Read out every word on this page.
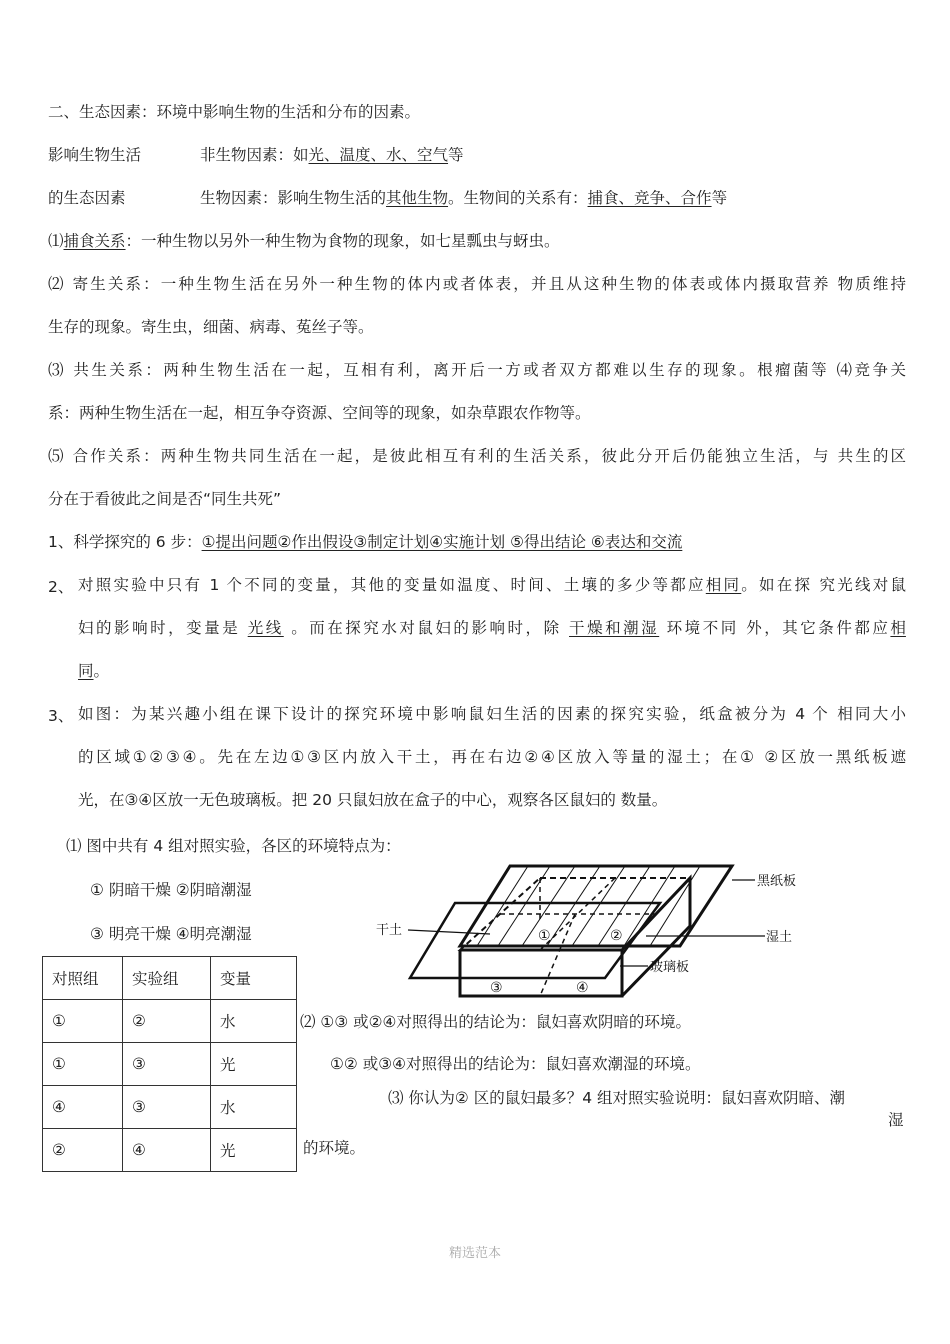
二、生态因素：环境中影响生物的生活和分布的因素。
影响生物生活	非生物因素：如光、温度、水、空气等
的生态因素	生物因素：影响生物生活的其他生物。生物间的关系有：捕食、竞争、合作等
⑴捕食关系：一种生物以另外一种生物为食物的现象，如七星瓢虫与蚜虫。
⑵ 寄生关系：一种生物生活在另外一种生物的体内或者体表，并且从这种生物的体表或体内摄取营养 物质维持
生存的现象。寄生虫，细菌、病毒、菟丝子等。
⑶ 共生关系：两种生物生活在一起，互相有利，离开后一方或者双方都难以生存的现象。根瘤菌等 ⑷竞争关
系：两种生物生活在一起，相互争夺资源、空间等的现象，如杂草跟农作物等。
⑸ 合作关系：两种生物共同生活在一起，是彼此相互有利的生活关系，彼此分开后仍能独立生活，与 共生的区
分在于看彼此之间是否“同生共死”
1、科学探究的 6 步：①提出问题②作出假设③制定计划④实施计划 ⑤得出结论 ⑥表达和交流
2、 对照实验中只有 1 个不同的变量，其他的变量如温度、时间、土壤的多少等都应相同。如在探 究光线对鼠
妇的影响时，变量是 光线 。而在探究水对鼠妇的影响时，除 干燥和潮湿 环境不同 外，其它条件都应相
同。
3、 如图：为某兴趣小组在课下设计的探究环境中影响鼠妇生活的因素的探究实验，纸盒被分为 4 个 相同大小
的区域①②③④。先在左边①③区内放入干土，再在右边②④区放入等量的湿土；在① ②区放一黑纸板遮
光，在③④区放一无色玻璃板。把 20 只鼠妇放在盒子的中心，观察各区鼠妇的 数量。
⑴ 图中共有 4 组对照实验，各区的环境特点为：
① 阴暗干燥 ②阴暗潮湿
③ 明亮干燥 ④明亮潮湿
对照组	实验组	变量
①	②	水
①	③	光
④	③	水
②	④	光
黑纸板
干土	湿土
玻璃板
①	②
③	④
⑵ ①③ 或②④对照得出的结论为：鼠妇喜欢阴暗的环境。
①② 或③④对照得出的结论为：鼠妇喜欢潮湿的环境。
⑶ 你认为② 区的鼠妇最多？4 组对照实验说明：鼠妇喜欢阴暗、潮
湿
的环境。
精选范本
